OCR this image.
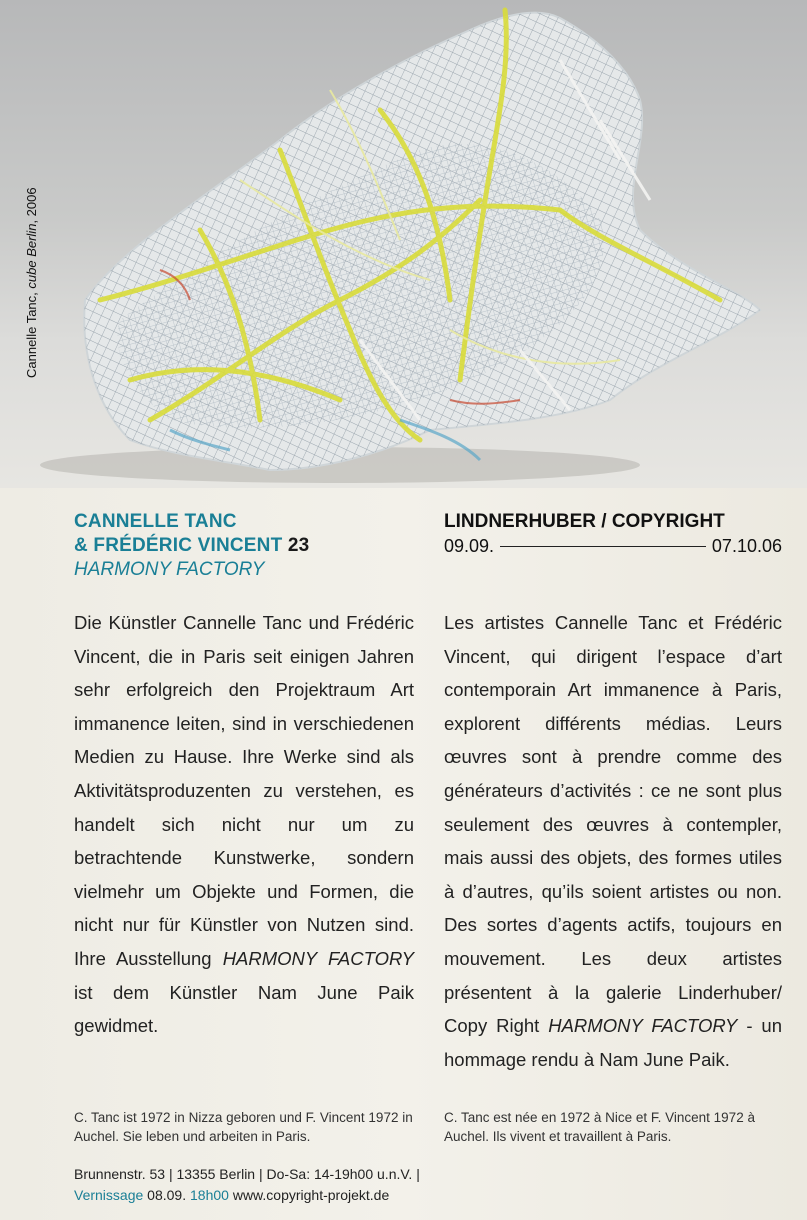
Cannelle Tanc, cube Berlin, 2006
CANNELLE TANC
& FRÉDÉRIC VINCENT 23
HARMONY FACTORY
Die Künstler Cannelle Tanc und Frédéric Vincent, die in Paris seit einigen Jahren sehr erfolgreich den Projektraum Art immanence leiten, sind in verschiedenen Medien zu Hause. Ihre Werke sind als Aktivitätsproduzenten zu verstehen, es handelt sich nicht nur um zu betrachtende Kunstwerke, sondern vielmehr um Objekte und Formen, die nicht nur für Künstler von Nutzen sind. Ihre Ausstellung HARMONY FACTORY ist dem Künstler Nam June Paik gewidmet.
C. Tanc ist 1972 in Nizza geboren und F. Vincent 1972 in Auchel. Sie leben und arbeiten in Paris.
LINDNERHUBER / COPYRIGHT
09.09.	07.10.06
Les artistes Cannelle Tanc et Frédéric Vincent, qui dirigent l’espace d’art contemporain Art immanence à Paris, explorent différents médias. Leurs œuvres sont à prendre comme des générateurs d’activités : ce ne sont plus seulement des œuvres à contempler, mais aussi des objets, des formes utiles à d’autres, qu’ils soient artistes ou non. Des sortes d’agents actifs, toujours en mouvement. Les deux artistes présentent à la galerie Linderhuber/ Copy Right HARMONY FACTORY - un hommage rendu à Nam June Paik.
C. Tanc est née en 1972 à Nice et F. Vincent 1972 à Auchel. Ils vivent et travaillent à Paris.
Brunnenstr. 53 | 13355 Berlin | Do-Sa: 14-19h00 u.n.V. |
Vernissage 08.09. 18h00 www.copyright-projekt.de
